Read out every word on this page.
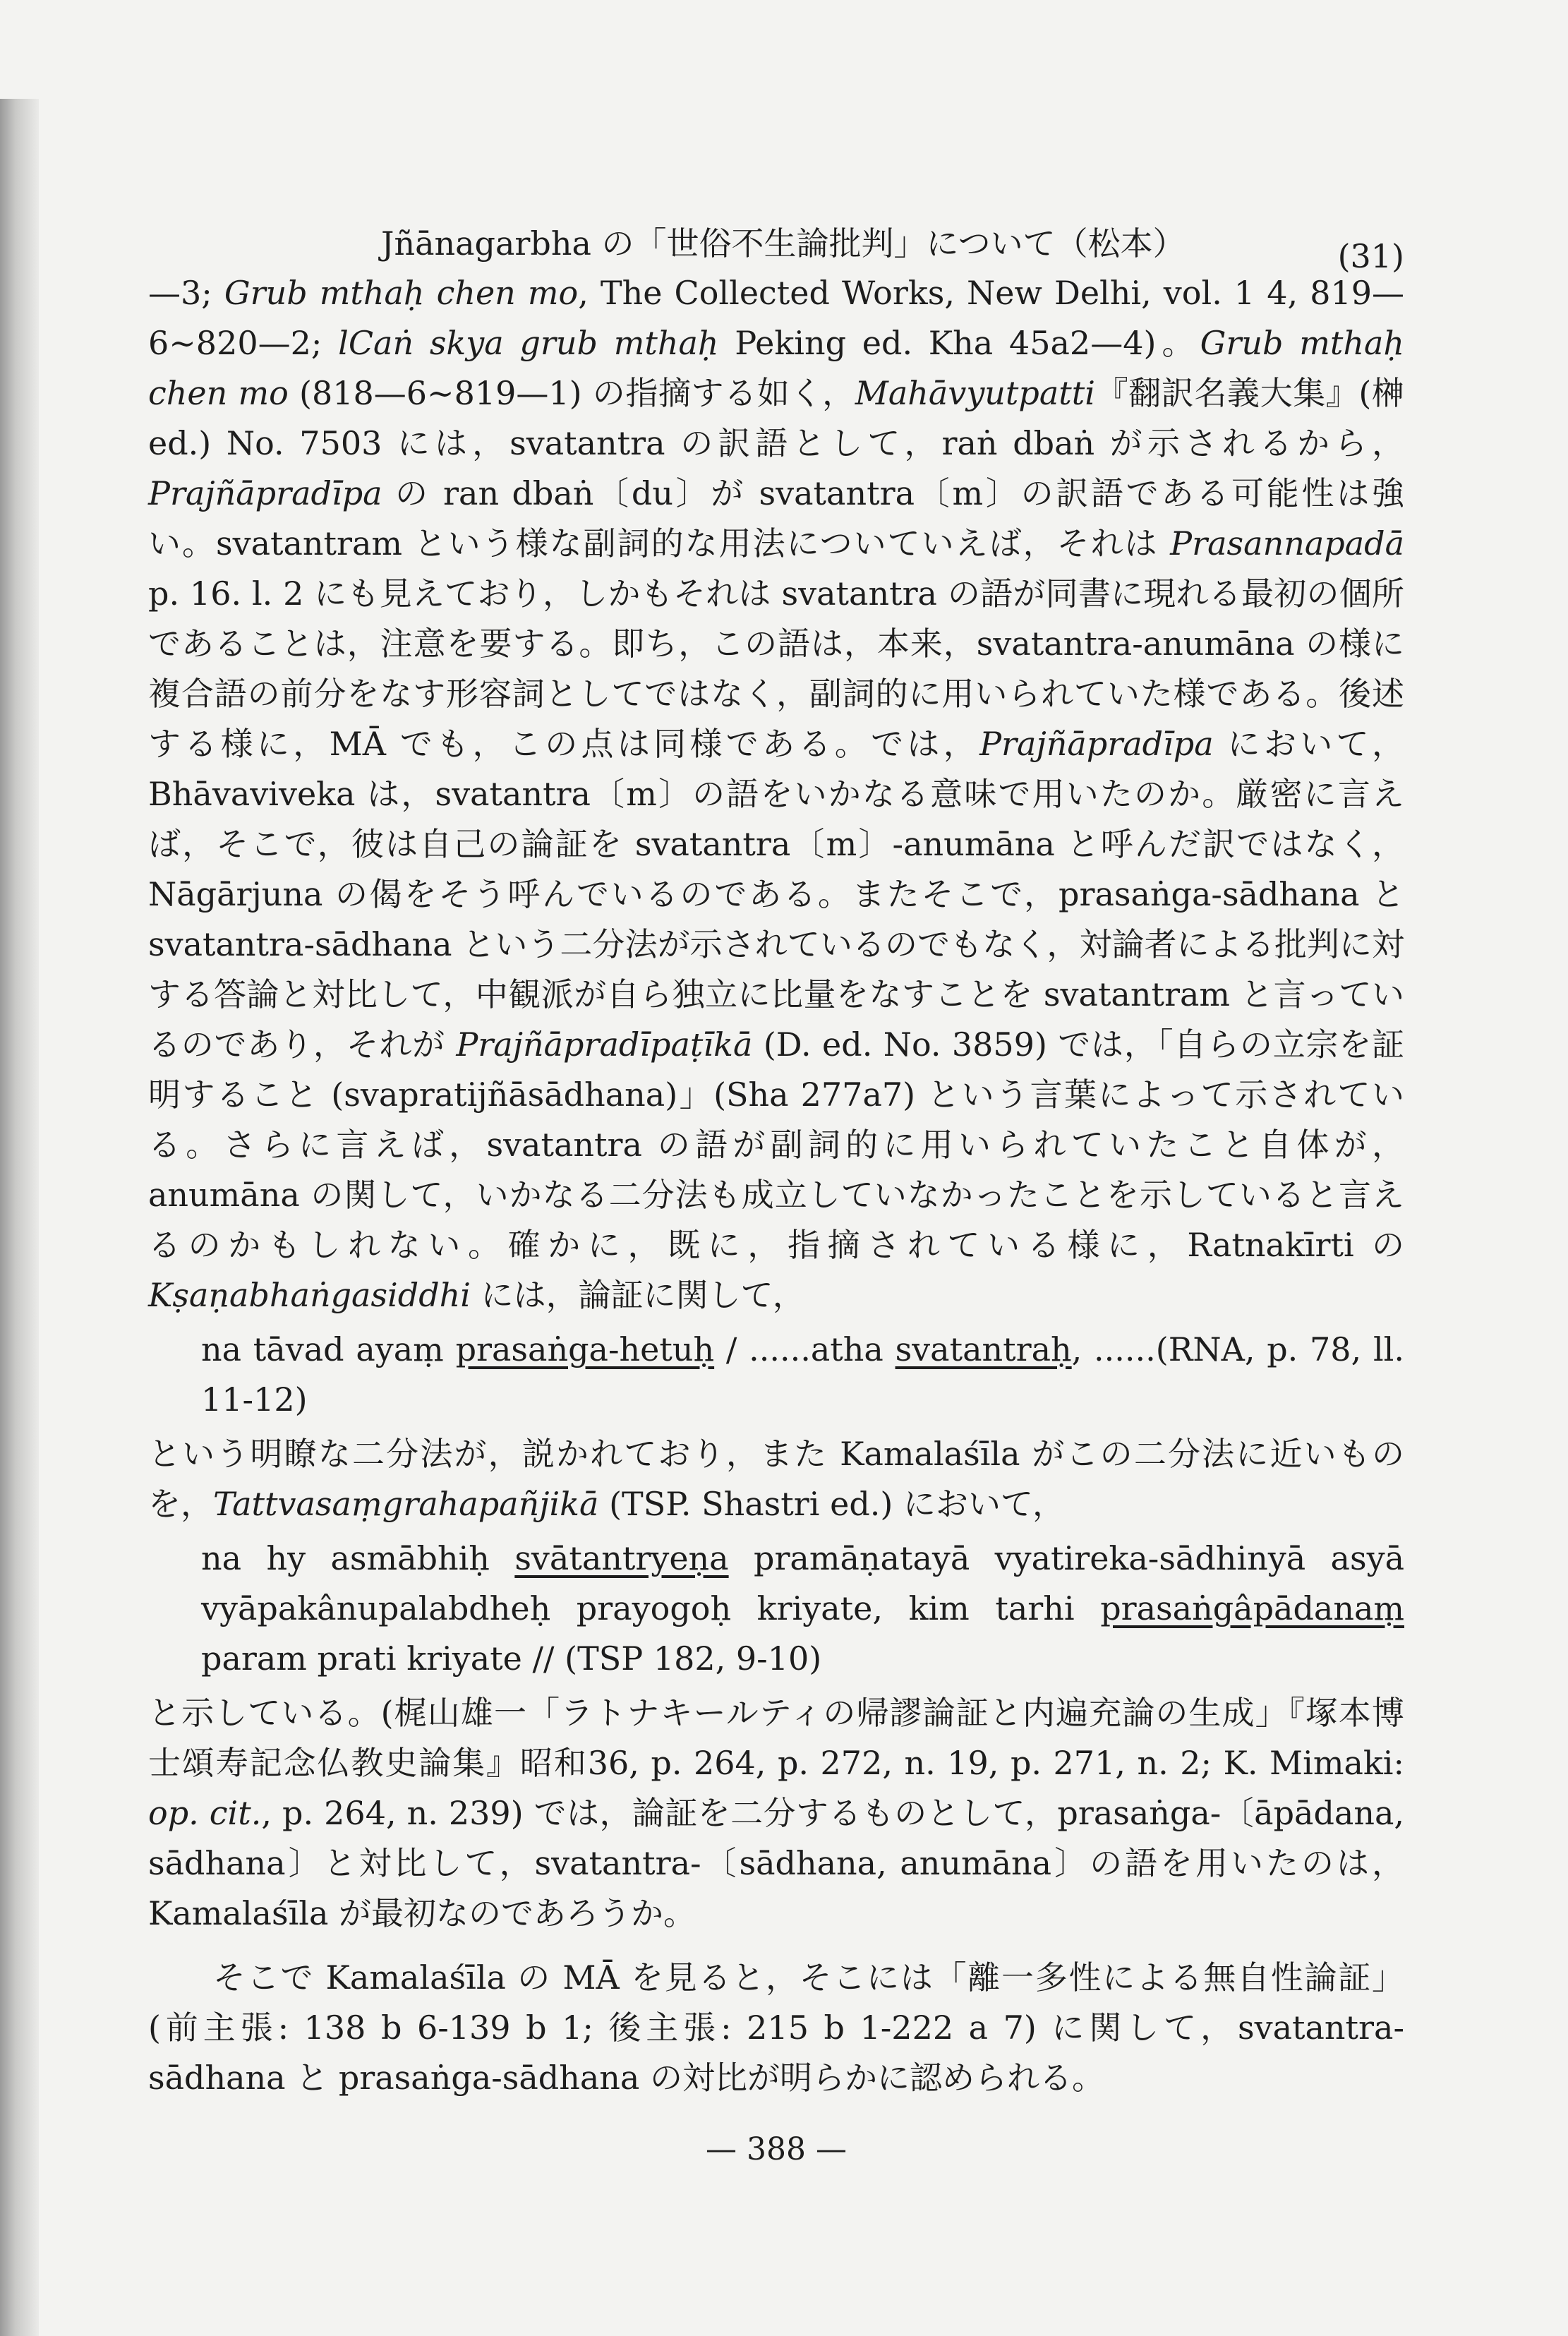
Jñānagarbha の「世俗不生論批判」について（松本）	(31)

—3; Grub mthaḥ chen mo, The Collected Works, New Delhi, vol. 1 4, 819—6∼820—2; lCaṅ skya grub mthaḥ Peking ed. Kha 45a2—4)。Grub mthaḥ chen mo (818—6∼819—1) の指摘する如く，Mahāvyutpatti『翻訳名義大集』(榊 ed.) No. 7503 には，svatantra の訳語として，raṅ dbaṅ が示されるから，Prajñāpradīpa の ran dbaṅ〔du〕が svatantra〔m〕の訳語である可能性は強い。svatantram という様な副詞的な用法についていえば，それは Prasannapadā p. 16. l. 2 にも見えており，しかもそれは svatantra の語が同書に現れる最初の個所であることは，注意を要する。即ち，この語は，本来，svatantra-anumāna の様に複合語の前分をなす形容詞としてではなく，副詞的に用いられていた様である。後述する様に，MĀ でも，この点は同様である。では，Prajñāpradīpa において，Bhāvaviveka は，svatantra〔m〕の語をいかなる意味で用いたのか。厳密に言えば，そこで，彼は自己の論証を svatantra〔m〕-anumāna と呼んだ訳ではなく，Nāgārjuna の偈をそう呼んでいるのである。またそこで，prasaṅga-sādhana と svatantra-sādhana という二分法が示されているのでもなく，対論者による批判に対する答論と対比して，中観派が自ら独立に比量をなすことを svatantram と言っているのであり，それが Prajñāpradīpaṭīkā (D. ed. No. 3859) では，「自らの立宗を証明すること (svapratijñāsādhana)」(Sha 277a7) という言葉によって示されている。さらに言えば，svatantra の語が副詞的に用いられていたこと自体が，anumāna の関して，いかなる二分法も成立していなかったことを示していると言えるのかもしれない。確かに，既に，指摘されている様に，Ratnakīrti の Kṣaṇabhaṅgasiddhi には，論証に関して，

na tāvad ayaṃ prasaṅga-hetuḥ / ......atha svatantraḥ, ......(RNA, p. 78, ll. 11-12)

という明瞭な二分法が，説かれており，また Kamalaśīla がこの二分法に近いものを，Tattvasaṃgrahapañjikā (TSP. Shastri ed.) において，

na hy asmābhiḥ svātantryeṇa pramāṇatayā vyatireka-sādhinyā asyā vyāpakânupalabdheḥ prayogoḥ kriyate, kim tarhi prasaṅgâpādanaṃ param prati kriyate // (TSP 182, 9-10)

と示している。(梶山雄一「ラトナキールティの帰謬論証と内遍充論の生成」『塚本博士頌寿記念仏教史論集』昭和36, p. 264, p. 272, n. 19, p. 271, n. 2; K. Mimaki: op. cit., p. 264, n. 239) では，論証を二分するものとして，prasaṅga-〔āpādana, sādhana〕と対比して，svatantra-〔sādhana, anumāna〕の語を用いたのは，Kamalaśīla が最初なのであろうか。

そこで Kamalaśīla の MĀ を見ると，そこには「離一多性による無自性論証」(前主張: 138 b 6-139 b 1; 後主張: 215 b 1-222 a 7) に関して，svatantra-sādhana と prasaṅga-sādhana の対比が明らかに認められる。

— 388 —
